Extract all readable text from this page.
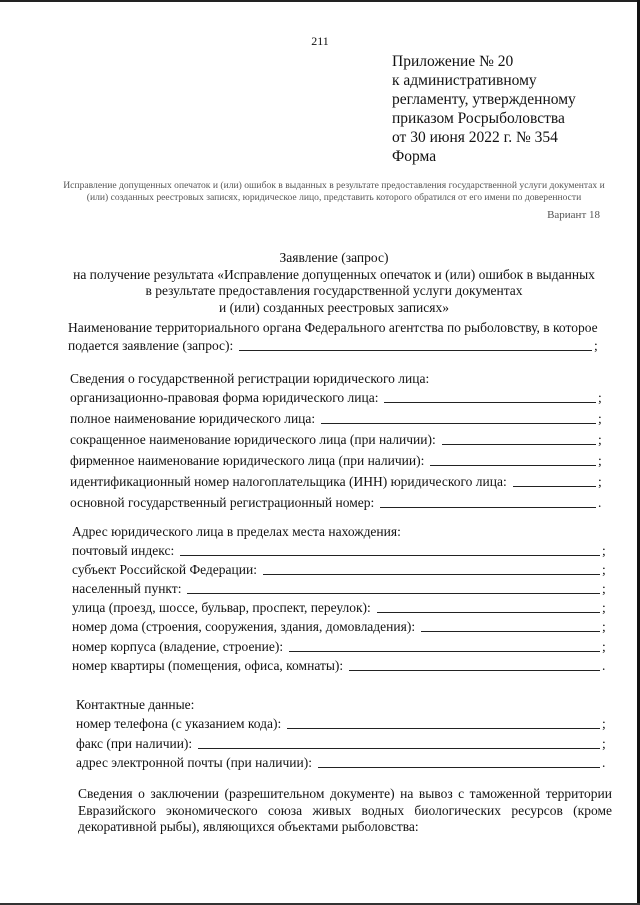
211
Приложение № 20
к административному
регламенту, утвержденному
приказом Росрыболовства
от 30 июня 2022 г. № 354
Форма
Исправление допущенных опечаток и (или) ошибок в выданных в результате предоставления государственной услуги документах и (или) созданных реестровых записях, юридическое лицо, представить которого обратился от его имени по доверенности
Вариант 18
Заявление (запрос)
на получение результата «Исправление допущенных опечаток и (или) ошибок в выданных
в результате предоставления государственной услуги документах
и (или) созданных реестровых записях»
Наименование территориального органа Федерального агентства по рыболовству, в которое
подается заявление (запрос):	;
Сведения о государственной регистрации юридического лица:
организационно-правовая форма юридического лица:	;
полное наименование юридического лица:	;
сокращенное наименование юридического лица (при наличии):	;
фирменное наименование юридического лица (при наличии):	;
идентификационный номер налогоплательщика (ИНН) юридического лица:	;
основной государственный регистрационный номер:	.
Адрес юридического лица в пределах места нахождения:
почтовый индекс:	;
субъект Российской Федерации:	;
населенный пункт:	;
улица (проезд, шоссе, бульвар, проспект, переулок):	;
номер дома (строения, сооружения, здания, домовладения):	;
номер корпуса (владение, строение):	;
номер квартиры (помещения, офиса, комнаты):	.
Контактные данные:
номер телефона (с указанием кода):	;
факс (при наличии):	;
адрес электронной почты (при наличии):	.
Сведения о заключении (разрешительном документе) на вывоз с таможенной территории Евразийского экономического союза живых водных биологических ресурсов (кроме декоративной рыбы), являющихся объектами рыболовства:
